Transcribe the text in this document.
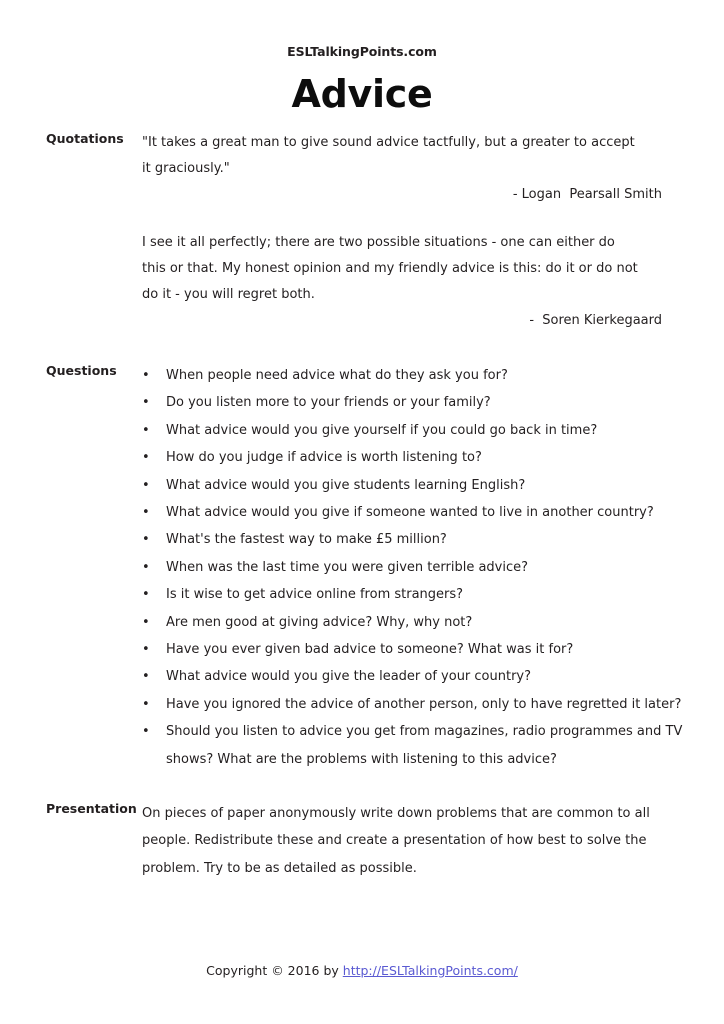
ESLTalkingPoints.com
Advice
Quotations	"It takes a great man to give sound advice tactfully, but a greater to accept it graciously."
- Logan  Pearsall Smith
I see it all perfectly; there are two possible situations - one can either do this or that. My honest opinion and my friendly advice is this: do it or do not do it - you will regret both.
-  Soren Kierkegaard
Questions	• When people need advice what do they ask you for?
• Do you listen more to your friends or your family?
• What advice would you give yourself if you could go back in time?
• How do you judge if advice is worth listening to?
• What advice would you give students learning English?
• What advice would you give if someone wanted to live in another country?
• What's the fastest way to make £5 million?
• When was the last time you were given terrible advice?
• Is it wise to get advice online from strangers?
• Are men good at giving advice? Why, why not?
• Have you ever given bad advice to someone? What was it for?
• What advice would you give the leader of your country?
• Have you ignored the advice of another person, only to have regretted it later?
• Should you listen to advice you get from magazines, radio programmes and TV shows? What are the problems with listening to this advice?
Presentation On pieces of paper anonymously write down problems that are common to all people. Redistribute these and create a presentation of how best to solve the problem. Try to be as detailed as possible.
Copyright © 2016 by http://ESLTalkingPoints.com/
